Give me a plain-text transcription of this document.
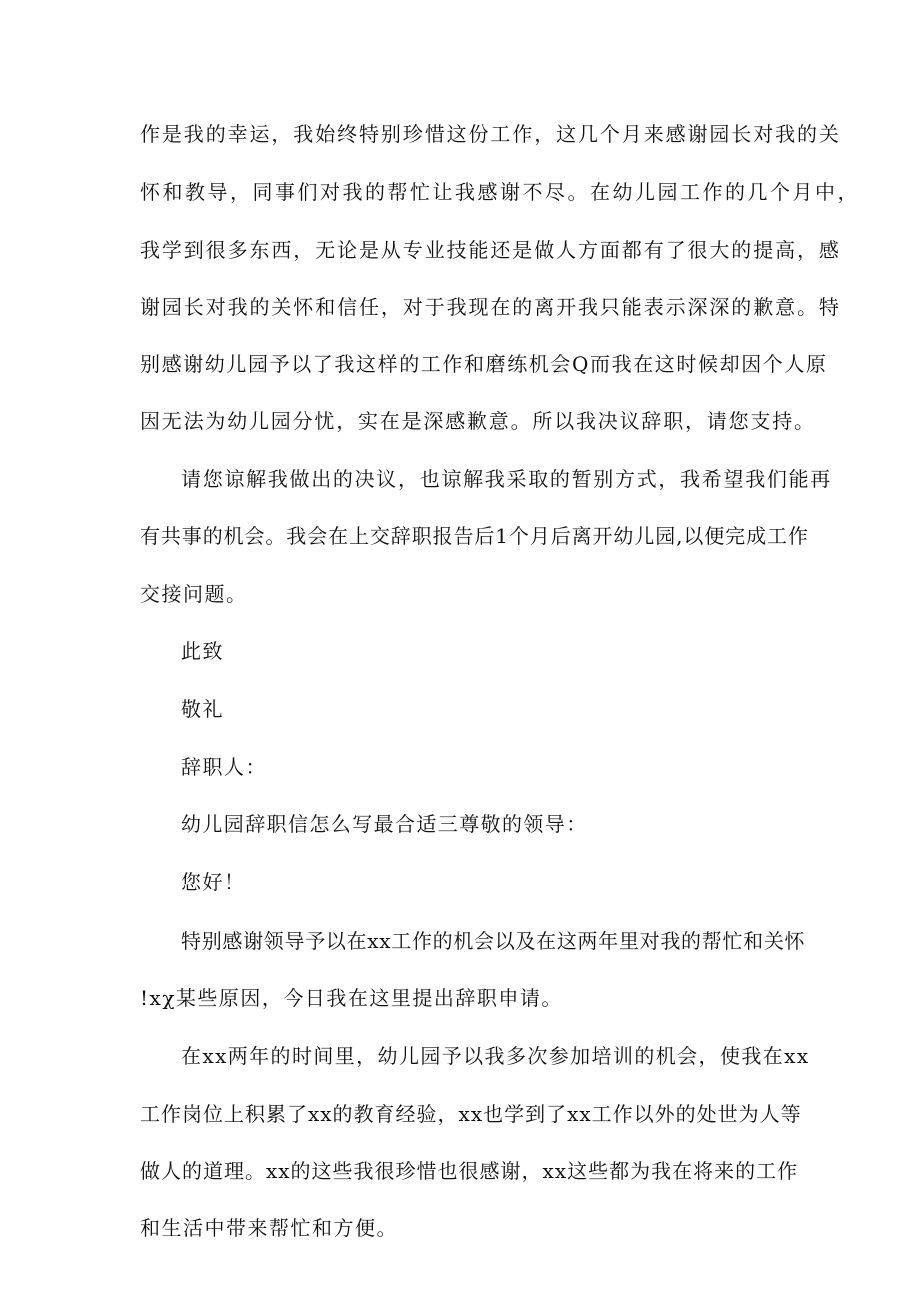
作是我的幸运，我始终特别珍惜这份工作，这几个月来感谢园长对我的关
怀和教导，同事们对我的帮忙让我感谢不尽。在幼儿园工作的几个月中，
我学到很多东西，无论是从专业技能还是做人方面都有了很大的提高，感
谢园长对我的关怀和信任，对于我现在的离开我只能表示深深的歉意。特
别感谢幼儿园予以了我这样的工作和磨练机会Q而我在这时候却因个人原
因无法为幼儿园分忧，实在是深感歉意。所以我决议辞职，请您支持。
请您谅解我做出的决议，也谅解我采取的暂别方式，我希望我们能再
有共事的机会。我会在上交辞职报告后1个月后离开幼儿园,以便完成工作
交接问题。
此致
敬礼
辞职人：
幼儿园辞职信怎么写最合适三尊敬的领导：
您好！
特别感谢领导予以在xx工作的机会以及在这两年里对我的帮忙和关怀
!xχ某些原因，今日我在这里提出辞职申请。
在xx两年的时间里，幼儿园予以我多次参加培训的机会，使我在xx
工作岗位上积累了xx的教育经验，xx也学到了xx工作以外的处世为人等
做人的道理。xx的这些我很珍惜也很感谢，xx这些都为我在将来的工作
和生活中带来帮忙和方便。
